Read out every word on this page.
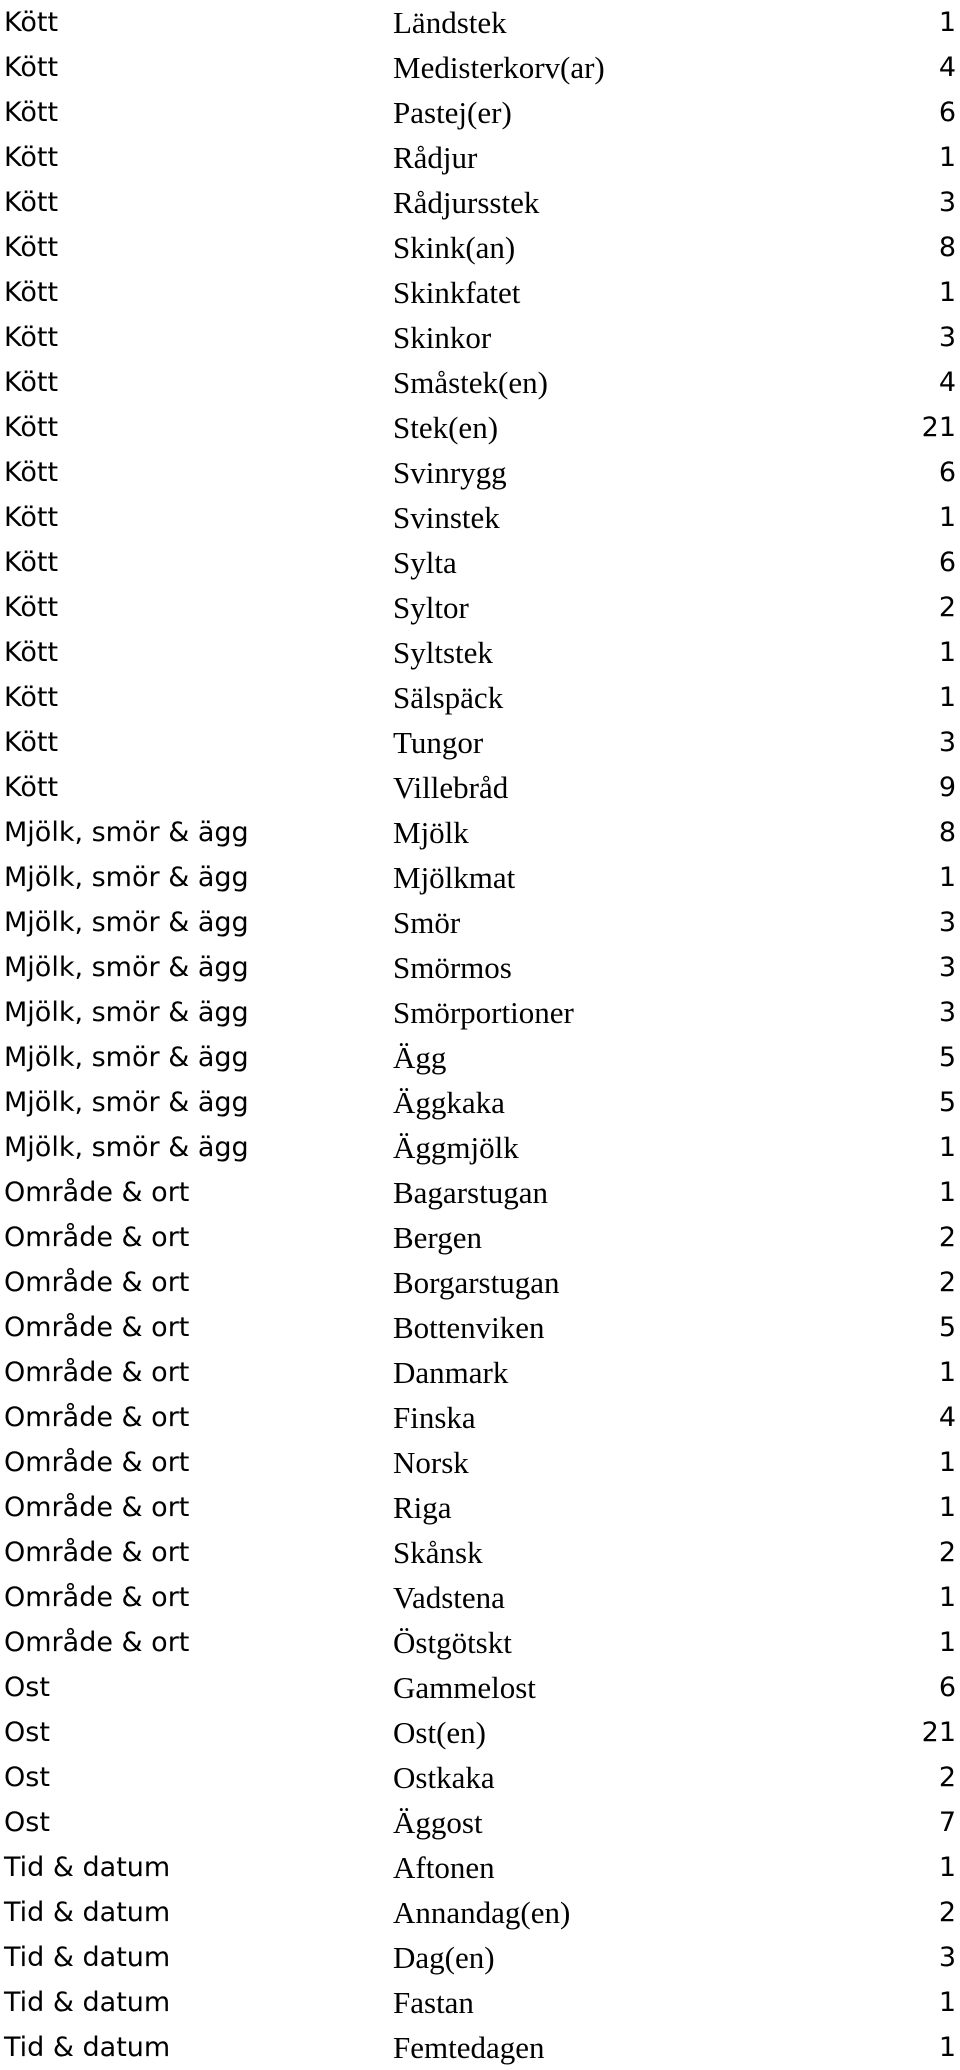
Kött	Ländstek	1
Kött	Medisterkorv(ar)	4
Kött	Pastej(er)	6
Kött	Rådjur	1
Kött	Rådjursstek	3
Kött	Skink(an)	8
Kött	Skinkfatet	1
Kött	Skinkor	3
Kött	Småstek(en)	4
Kött	Stek(en)	21
Kött	Svinrygg	6
Kött	Svinstek	1
Kött	Sylta	6
Kött	Syltor	2
Kött	Syltstek	1
Kött	Sälspäck	1
Kött	Tungor	3
Kött	Villebråd	9
Mjölk, smör & ägg	Mjölk	8
Mjölk, smör & ägg	Mjölkmat	1
Mjölk, smör & ägg	Smör	3
Mjölk, smör & ägg	Smörmos	3
Mjölk, smör & ägg	Smörportioner	3
Mjölk, smör & ägg	Ägg	5
Mjölk, smör & ägg	Äggkaka	5
Mjölk, smör & ägg	Äggmjölk	1
Område & ort	Bagarstugan	1
Område & ort	Bergen	2
Område & ort	Borgarstugan	2
Område & ort	Bottenviken	5
Område & ort	Danmark	1
Område & ort	Finska	4
Område & ort	Norsk	1
Område & ort	Riga	1
Område & ort	Skånsk	2
Område & ort	Vadstena	1
Område & ort	Östgötskt	1
Ost	Gammelost	6
Ost	Ost(en)	21
Ost	Ostkaka	2
Ost	Äggost	7
Tid & datum	Aftonen	1
Tid & datum	Annandag(en)	2
Tid & datum	Dag(en)	3
Tid & datum	Fastan	1
Tid & datum	Femtedagen	1
